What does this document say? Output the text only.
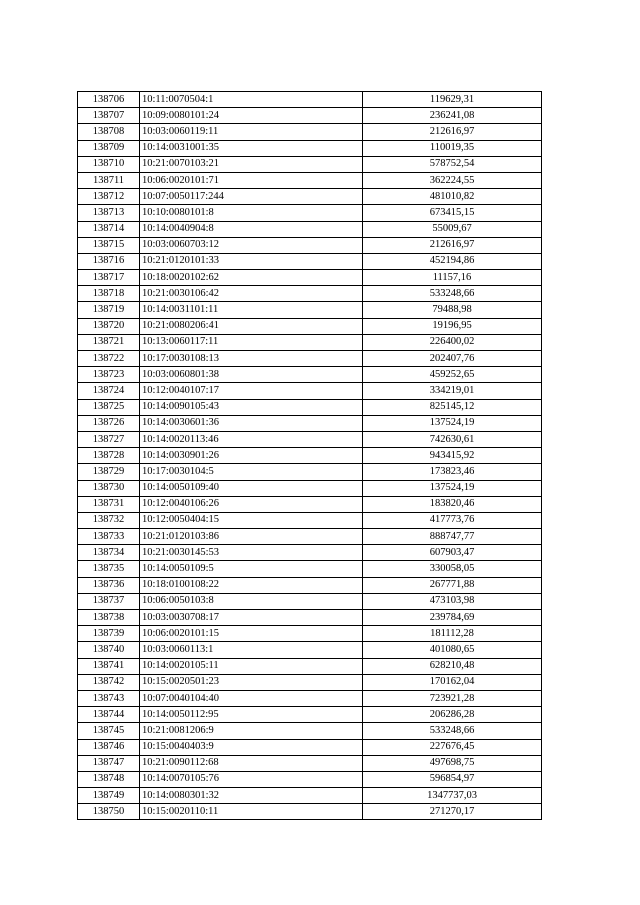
138706	10:11:0070504:1	119629,31
138707	10:09:0080101:24	236241,08
138708	10:03:0060119:11	212616,97
138709	10:14:0031001:35	110019,35
138710	10:21:0070103:21	578752,54
138711	10:06:0020101:71	362224,55
138712	10:07:0050117:244	481010,82
138713	10:10:0080101:8	673415,15
138714	10:14:0040904:8	55009,67
138715	10:03:0060703:12	212616,97
138716	10:21:0120101:33	452194,86
138717	10:18:0020102:62	11157,16
138718	10:21:0030106:42	533248,66
138719	10:14:0031101:11	79488,98
138720	10:21:0080206:41	19196,95
138721	10:13:0060117:11	226400,02
138722	10:17:0030108:13	202407,76
138723	10:03:0060801:38	459252,65
138724	10:12:0040107:17	334219,01
138725	10:14:0090105:43	825145,12
138726	10:14:0030601:36	137524,19
138727	10:14:0020113:46	742630,61
138728	10:14:0030901:26	943415,92
138729	10:17:0030104:5	173823,46
138730	10:14:0050109:40	137524,19
138731	10:12:0040106:26	183820,46
138732	10:12:0050404:15	417773,76
138733	10:21:0120103:86	888747,77
138734	10:21:0030145:53	607903,47
138735	10:14:0050109:5	330058,05
138736	10:18:0100108:22	267771,88
138737	10:06:0050103:8	473103,98
138738	10:03:0030708:17	239784,69
138739	10:06:0020101:15	181112,28
138740	10:03:0060113:1	401080,65
138741	10:14:0020105:11	628210,48
138742	10:15:0020501:23	170162,04
138743	10:07:0040104:40	723921,28
138744	10:14:0050112:95	206286,28
138745	10:21:0081206:9	533248,66
138746	10:15:0040403:9	227676,45
138747	10:21:0090112:68	497698,75
138748	10:14:0070105:76	596854,97
138749	10:14:0080301:32	1347737,03
138750	10:15:0020110:11	271270,17
